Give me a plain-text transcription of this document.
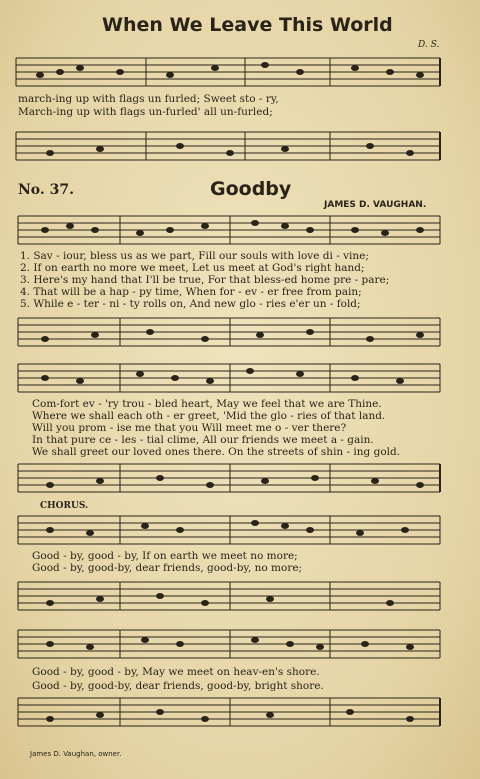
When We Leave This World
D. S.
march-ing up with flags un furled; Sweet sto - ry,
March-ing up with flags un-furled' all un-furled;
No. 37.	Goodby
JAMES D. VAUGHAN.
1. Sav - iour, bless us as we part, Fill our souls with love di - vine;
2. If on earth no more we meet, Let us meet at God's right hand;
3. Here's my hand that I'll be true, For that bless-ed home pre - pare;
4. That will be a hap - py time, When for - ev - er free from pain;
5. While e - ter - ni - ty rolls on, And new glo - ries e'er un - fold;
Com-fort ev - 'ry trou - bled heart, May we feel that we are Thine.
Where we shall each oth - er greet, 'Mid the glo - ries of that land.
Will you prom - ise me that you Will meet me o - ver there?
In that pure ce - les - tial clime, All our friends we meet a - gain.
We shall greet our loved ones there. On the streets of shin - ing gold.
CHORUS.
Good - by, good - by, If on earth we meet no more;
Good - by, good-by, dear friends, good-by, no more;
Good - by, good - by, May we meet on heav-en's shore.
Good - by, good-by, dear friends, good-by, bright shore.
James D. Vaughan, owner.
